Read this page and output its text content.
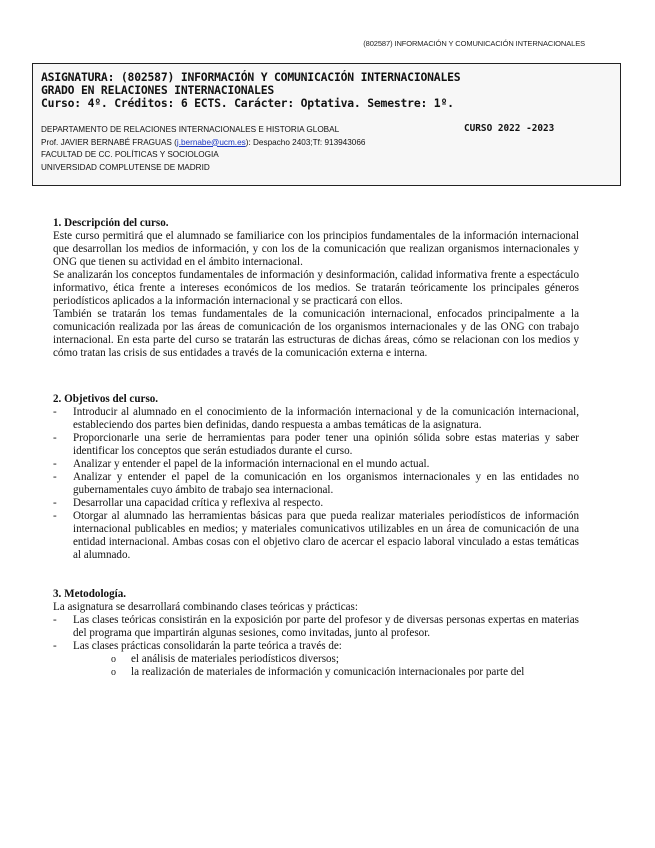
(802587) INFORMACIÓN Y COMUNICACIÓN INTERNACIONALES
ASIGNATURA: (802587) INFORMACIÓN Y COMUNICACIÓN INTERNACIONALES
GRADO EN RELACIONES INTERNACIONALES
Curso: 4º. Créditos: 6 ECTS. Carácter: Optativa. Semestre: 1º.
DEPARTAMENTO DE RELACIONES INTERNACIONALES E HISTORIA GLOBAL	CURSO 2022 -2023
Prof. JAVIER BERNABÉ FRAGUAS (j.bernabe@ucm.es): Despacho 2403;Tf: 913943066
FACULTAD DE CC. POLÍTICAS Y SOCIOLOGIA
UNIVERSIDAD COMPLUTENSE DE MADRID

1. Descripción del curso.

Este curso permitirá que el alumnado se familiarice con los principios fundamentales de la información internacional que desarrollan los medios de información, y con los de la comunicación que realizan organismos internacionales y ONG que tienen su actividad en el ámbito internacional.

Se analizarán los conceptos fundamentales de información y desinformación, calidad informativa frente a espectáculo informativo, ética frente a intereses económicos de los medios. Se tratarán teóricamente los principales géneros periodísticos aplicados a la información internacional y se practicará con ellos.

También se tratarán los temas fundamentales de la comunicación internacional, enfocados principalmente a la comunicación realizada por las áreas de comunicación de los organismos internacionales y de las ONG con trabajo internacional. En esta parte del curso se tratarán las estructuras de dichas áreas, cómo se relacionan con los medios y cómo tratan las crisis de sus entidades a través de la comunicación externa e interna.

2. Objetivos del curso.

- Introducir al alumnado en el conocimiento de la información internacional y de la comunicación internacional, estableciendo dos partes bien definidas, dando respuesta a ambas temáticas de la asignatura.
- Proporcionarle una serie de herramientas para poder tener una opinión sólida sobre estas materias y saber identificar los conceptos que serán estudiados durante el curso.
- Analizar y entender el papel de la información internacional en el mundo actual.
- Analizar y entender el papel de la comunicación en los organismos internacionales y en las entidades no gubernamentales cuyo ámbito de trabajo sea internacional.
- Desarrollar una capacidad crítica y reflexiva al respecto.
- Otorgar al alumnado las herramientas básicas para que pueda realizar materiales periodísticos de información internacional publicables en medios; y materiales comunicativos utilizables en un área de comunicación de una entidad internacional. Ambas cosas con el objetivo claro de acercar el espacio laboral vinculado a estas temáticas al alumnado.

3. Metodología.

La asignatura se desarrollará combinando clases teóricas y prácticas:

- Las clases teóricas consistirán en la exposición por parte del profesor y de diversas personas expertas en materias del programa que impartirán algunas sesiones, como invitadas, junto al profesor.
- Las clases prácticas consolidarán la parte teórica a través de:
o el análisis de materiales periodísticos diversos;
o la realización de materiales de información y comunicación internacionales por parte del
